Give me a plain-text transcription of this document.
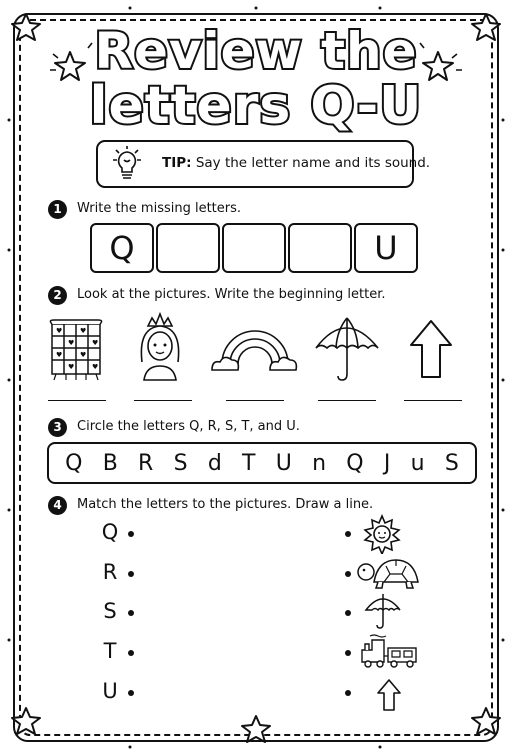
Review the
letters Q-U
TIP: Say the letter name and its sound.
1	Write the missing letters.
Q	U
2	Look at the pictures. Write the beginning letter.
♥	♥
♥	♥
♥	♥
♥	♥
3	Circle the letters Q, R, S, T, and U.
Q B R S d T U n Q J u S
4	Match the letters to the pictures. Draw a line.
Q
R
S
T
U
